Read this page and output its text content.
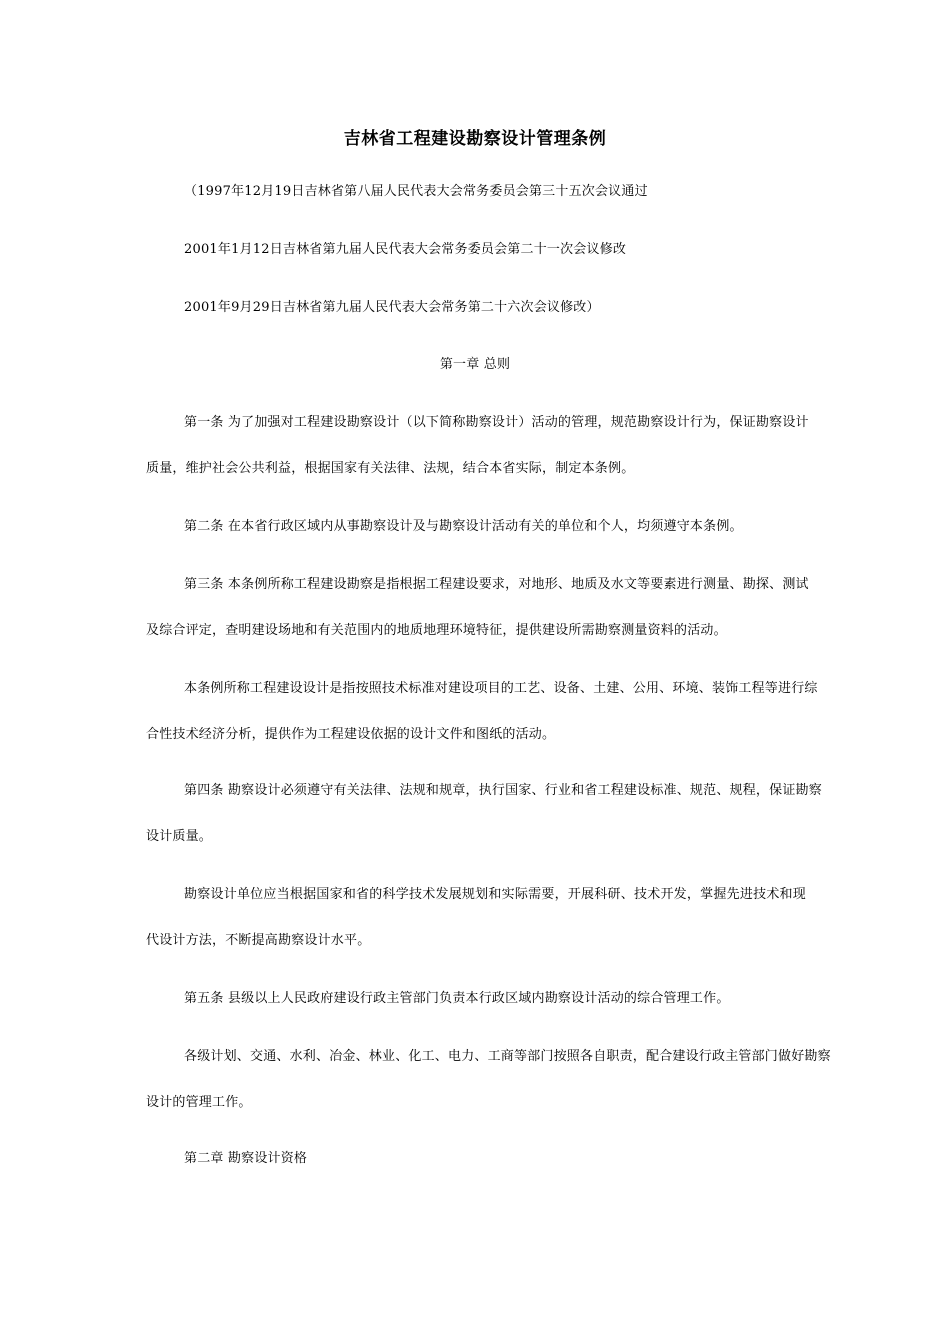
吉林省工程建设勘察设计管理条例
（1997年12月19日吉林省第八届人民代表大会常务委员会第三十五次会议通过
2001年1月12日吉林省第九届人民代表大会常务委员会第二十一次会议修改
2001年9月29日吉林省第九届人民代表大会常务第二十六次会议修改）
第一章 总则
第一条 为了加强对工程建设勘察设计（以下简称勘察设计）活动的管理，规范勘察设计行为，保证勘察设计
质量，维护社会公共利益，根据国家有关法律、法规，结合本省实际，制定本条例。
第二条 在本省行政区域内从事勘察设计及与勘察设计活动有关的单位和个人，均须遵守本条例。
第三条 本条例所称工程建设勘察是指根据工程建设要求，对地形、地质及水文等要素进行测量、勘探、测试
及综合评定，查明建设场地和有关范围内的地质地理环境特征，提供建设所需勘察测量资料的活动。
本条例所称工程建设设计是指按照技术标准对建设项目的工艺、设备、土建、公用、环境、装饰工程等进行综
合性技术经济分析，提供作为工程建设依据的设计文件和图纸的活动。
第四条 勘察设计必须遵守有关法律、法规和规章，执行国家、行业和省工程建设标准、规范、规程，保证勘察
设计质量。
勘察设计单位应当根据国家和省的科学技术发展规划和实际需要，开展科研、技术开发，掌握先进技术和现
代设计方法，不断提高勘察设计水平。
第五条 县级以上人民政府建设行政主管部门负责本行政区域内勘察设计活动的综合管理工作。
各级计划、交通、水利、冶金、林业、化工、电力、工商等部门按照各自职责，配合建设行政主管部门做好勘察
设计的管理工作。
第二章 勘察设计资格
